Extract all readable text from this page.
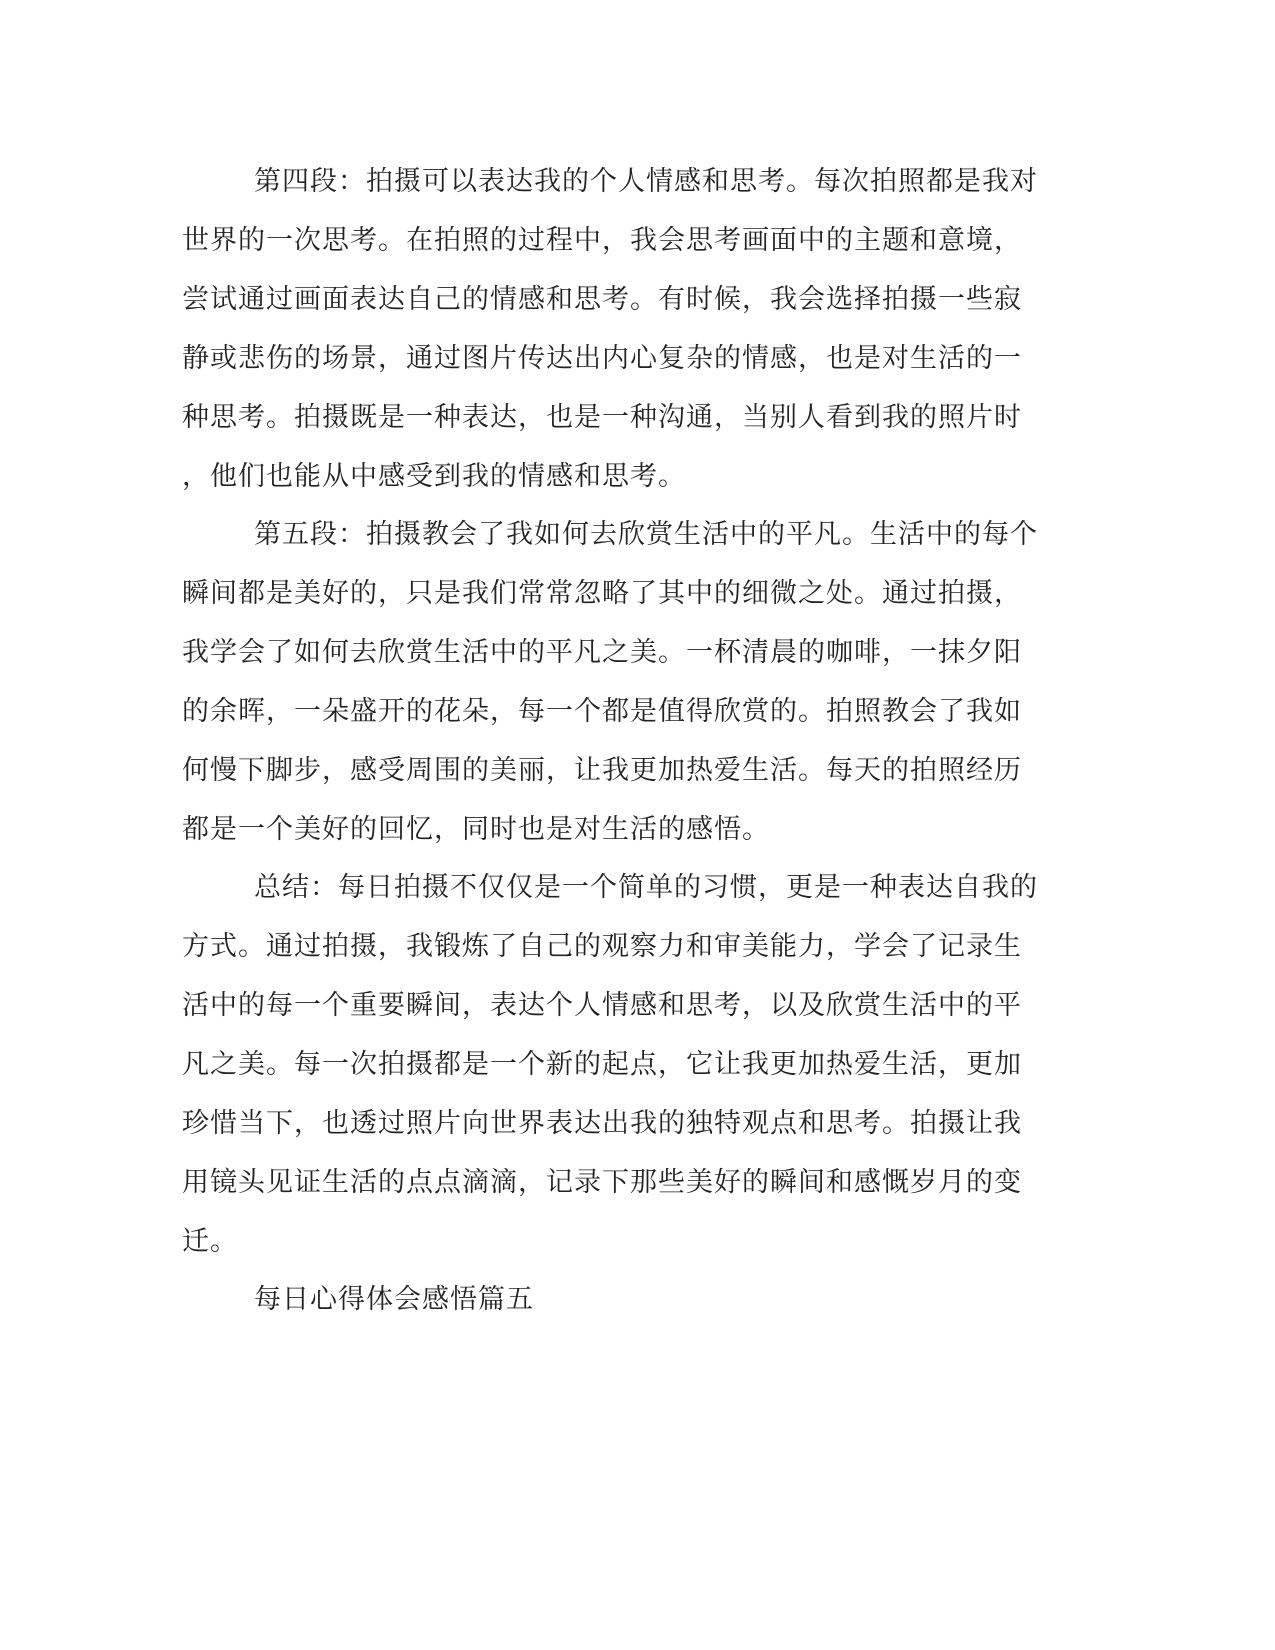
第四段：拍摄可以表达我的个人情感和思考。每次拍照都是我对
世界的一次思考。在拍照的过程中，我会思考画面中的主题和意境，
尝试通过画面表达自己的情感和思考。有时候，我会选择拍摄一些寂
静或悲伤的场景，通过图片传达出内心复杂的情感，也是对生活的一
种思考。拍摄既是一种表达，也是一种沟通，当别人看到我的照片时
，他们也能从中感受到我的情感和思考。
第五段：拍摄教会了我如何去欣赏生活中的平凡。生活中的每个
瞬间都是美好的，只是我们常常忽略了其中的细微之处。通过拍摄，
我学会了如何去欣赏生活中的平凡之美。一杯清晨的咖啡，一抹夕阳
的余晖，一朵盛开的花朵，每一个都是值得欣赏的。拍照教会了我如
何慢下脚步，感受周围的美丽，让我更加热爱生活。每天的拍照经历
都是一个美好的回忆，同时也是对生活的感悟。
总结：每日拍摄不仅仅是一个简单的习惯，更是一种表达自我的
方式。通过拍摄，我锻炼了自己的观察力和审美能力，学会了记录生
活中的每一个重要瞬间，表达个人情感和思考，以及欣赏生活中的平
凡之美。每一次拍摄都是一个新的起点，它让我更加热爱生活，更加
珍惜当下，也透过照片向世界表达出我的独特观点和思考。拍摄让我
用镜头见证生活的点点滴滴，记录下那些美好的瞬间和感慨岁月的变
迁。
每日心得体会感悟篇五
